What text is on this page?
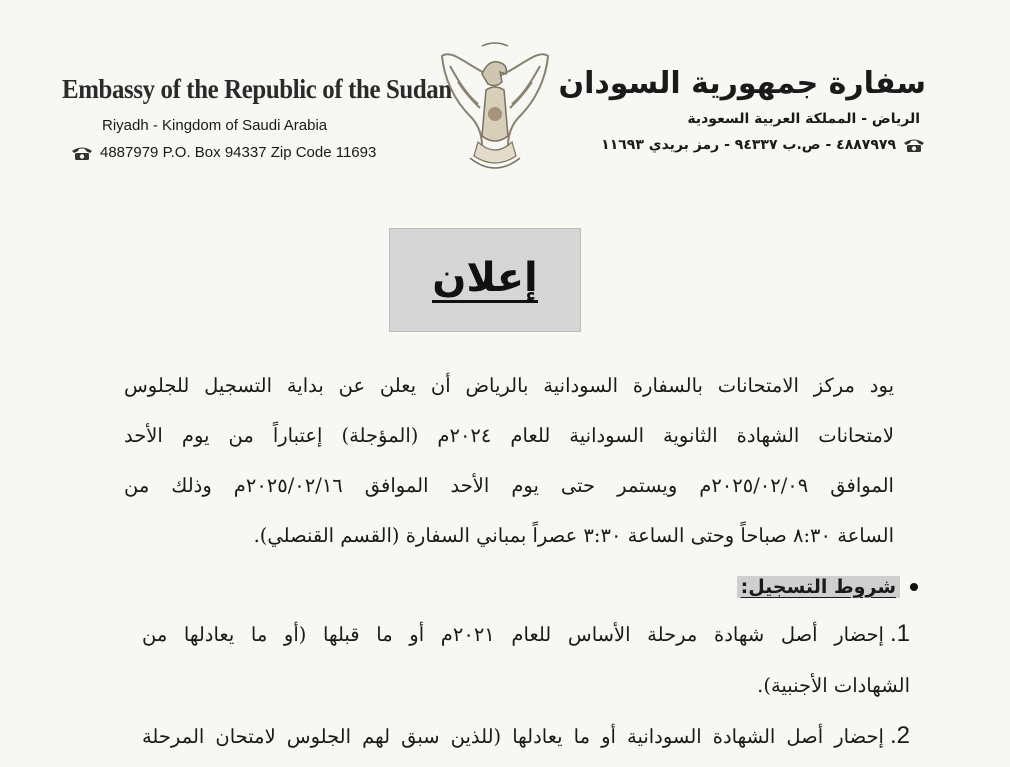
Embassy of the Republic of the Sudan
Riyadh - Kingdom of Saudi Arabia
4887979 P.O. Box 94337 Zip Code 11693
سفارة جمهورية السودان
الرياض - المملكة العربية السعودية
٤٨٨٧٩٧٩ - ص.ب ٩٤٣٣٧ - رمز بريدي ١١٦٩٣
إعلان
يود مركز الامتحانات بالسفارة السودانية بالرياض أن يعلن عن بداية التسجيل للجلوس
لامتحانات الشهادة الثانوية السودانية للعام ٢٠٢٤م (المؤجلة) إعتباراً من يوم الأحد
الموافق ٢٠٢٥/٠٢/٠٩م ويستمر حتى يوم الأحد الموافق ٢٠٢٥/٠٢/١٦م وذلك من
الساعة ٨:٣٠ صباحاً وحتى الساعة ٣:٣٠ عصراً بمباني السفارة (القسم القنصلي).
شروط التسجيل:
1.
إحضار أصل شهادة مرحلة الأساس للعام ٢٠٢١م أو ما قبلها (أو ما يعادلها من
الشهادات الأجنبية).
2.
إحضار أصل الشهادة السودانية أو ما يعادلها (للذين سبق لهم الجلوس لامتحان المرحلة
